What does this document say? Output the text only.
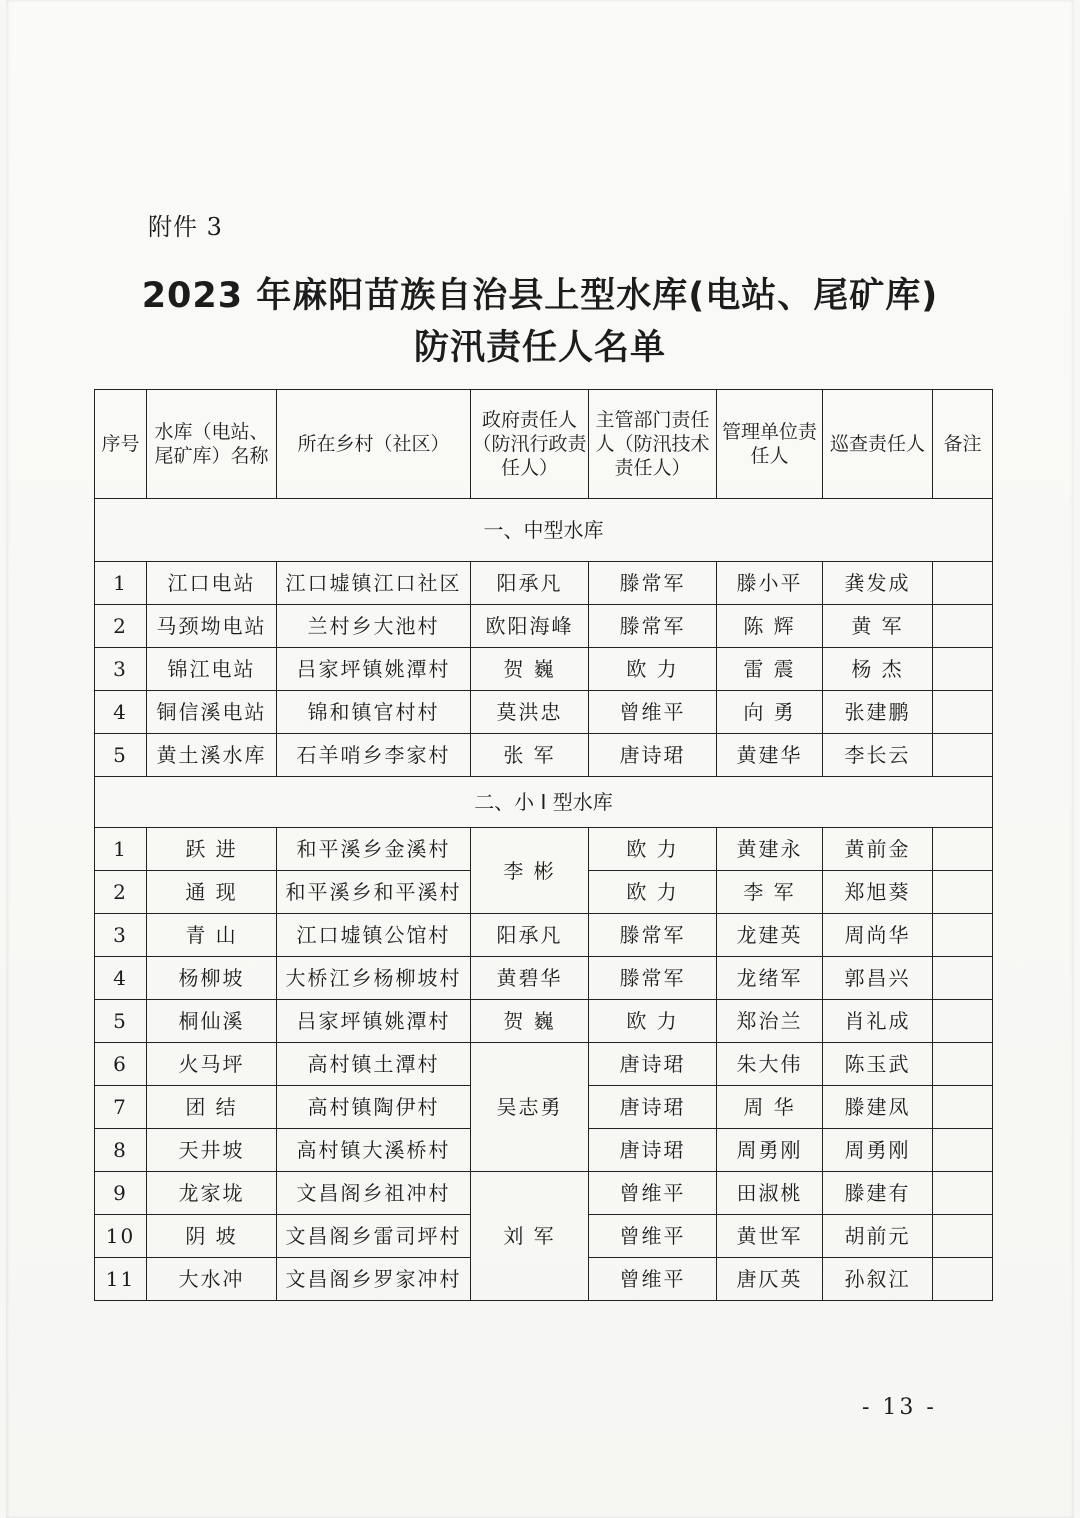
附件 3
2023 年麻阳苗族自治县上型水库(电站、尾矿库)
防汛责任人名单
序号	水库（电站、尾矿库）名称	所在乡村（社区）	政府责任人（防汛行政责任人）	主管部门责任人（防汛技术责任人）	管理单位责任人	巡查责任人	备注
一、中型水库							
1	江口电站	江口墟镇江口社区	阳承凡	滕常军	滕小平	龚发成	
2	马颈坳电站	兰村乡大池村	欧阳海峰	滕常军	陈 辉	黄 军	
3	锦江电站	吕家坪镇姚潭村	贺 巍	欧 力	雷 震	杨 杰	
4	铜信溪电站	锦和镇官村村	莫洪忠	曾维平	向 勇	张建鹏	
5	黄土溪水库	石羊哨乡李家村	张 军	唐诗珺	黄建华	李长云	
二、小 I 型水库							
1	跃 进	和平溪乡金溪村	李 彬	欧 力	黄建永	黄前金	
2	通 现	和平溪乡和平溪村		欧 力	李 军	郑旭葵	
3	青 山	江口墟镇公馆村	阳承凡	滕常军	龙建英	周尚华	
4	杨柳坡	大桥江乡杨柳坡村	黄碧华	滕常军	龙绪军	郭昌兴	
5	桐仙溪	吕家坪镇姚潭村	贺 巍	欧 力	郑治兰	肖礼成	
6	火马坪	高村镇土潭村	吴志勇	唐诗珺	朱大伟	陈玉武	
7	团 结	高村镇陶伊村		唐诗珺	周 华	滕建凤	
8	天井坡	高村镇大溪桥村		唐诗珺	周勇刚	周勇刚	
9	龙家垅	文昌阁乡祖冲村	刘 军	曾维平	田淑桃	滕建有	
10	阴 坡	文昌阁乡雷司坪村		曾维平	黄世军	胡前元	
11	大水冲	文昌阁乡罗家冲村		曾维平	唐仄英	孙叙江	
- 13 -
